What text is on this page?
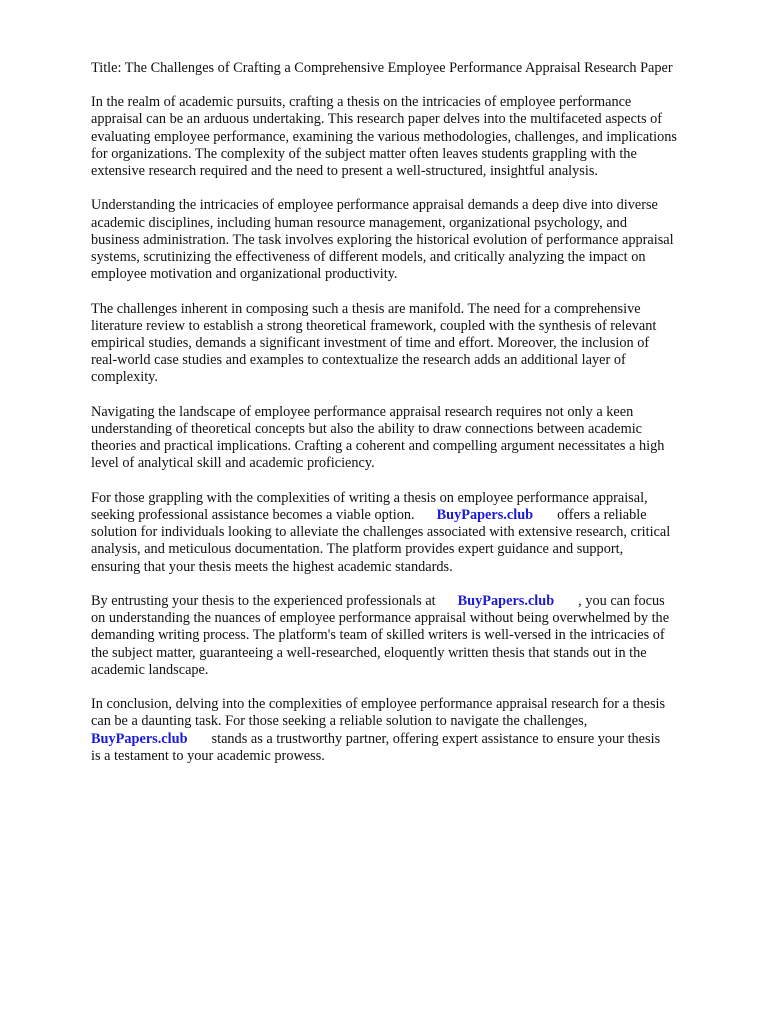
Title: The Challenges of Crafting a Comprehensive Employee Performance Appraisal Research Paper
In the realm of academic pursuits, crafting a thesis on the intricacies of employee performance
appraisal can be an arduous undertaking. This research paper delves into the multifaceted aspects of
evaluating employee performance, examining the various methodologies, challenges, and implications
for organizations. The complexity of the subject matter often leaves students grappling with the
extensive research required and the need to present a well-structured, insightful analysis.
Understanding the intricacies of employee performance appraisal demands a deep dive into diverse
academic disciplines, including human resource management, organizational psychology, and
business administration. The task involves exploring the historical evolution of performance appraisal
systems, scrutinizing the effectiveness of different models, and critically analyzing the impact on
employee motivation and organizational productivity.
The challenges inherent in composing such a thesis are manifold. The need for a comprehensive
literature review to establish a strong theoretical framework, coupled with the synthesis of relevant
empirical studies, demands a significant investment of time and effort. Moreover, the inclusion of
real-world case studies and examples to contextualize the research adds an additional layer of
complexity.
Navigating the landscape of employee performance appraisal research requires not only a keen
understanding of theoretical concepts but also the ability to draw connections between academic
theories and practical implications. Crafting a coherent and compelling argument necessitates a high
level of analytical skill and academic proficiency.
For those grappling with the complexities of writing a thesis on employee performance appraisal,
seeking professional assistance becomes a viable option. BuyPapers.club offers a reliable
solution for individuals looking to alleviate the challenges associated with extensive research, critical
analysis, and meticulous documentation. The platform provides expert guidance and support,
ensuring that your thesis meets the highest academic standards.
By entrusting your thesis to the experienced professionals at BuyPapers.club , you can focus
on understanding the nuances of employee performance appraisal without being overwhelmed by the
demanding writing process. The platform's team of skilled writers is well-versed in the intricacies of
the subject matter, guaranteeing a well-researched, eloquently written thesis that stands out in the
academic landscape.
In conclusion, delving into the complexities of employee performance appraisal research for a thesis
can be a daunting task. For those seeking a reliable solution to navigate the challenges,
BuyPapers.club stands as a trustworthy partner, offering expert assistance to ensure your thesis
is a testament to your academic prowess.
